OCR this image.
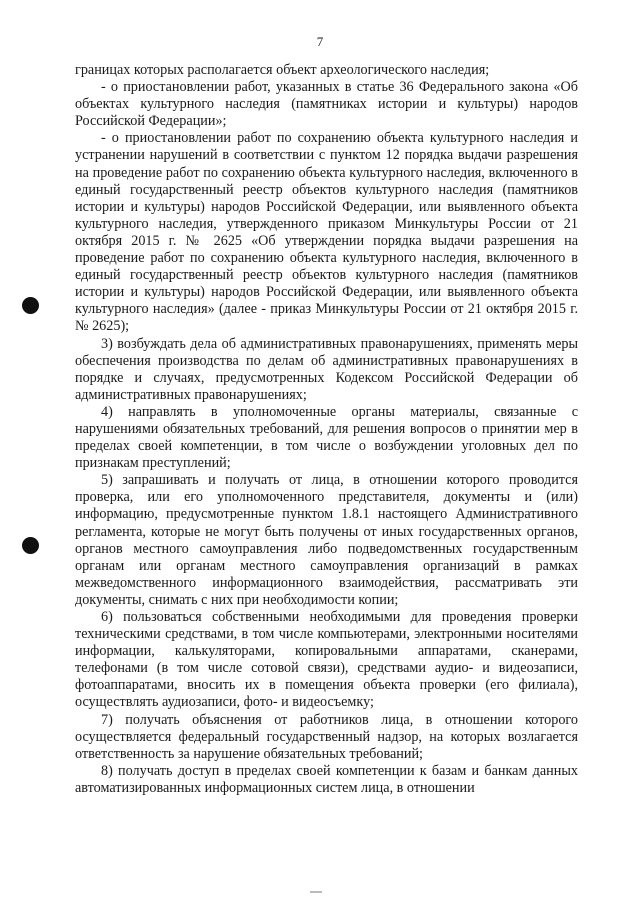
7

границах которых располагается объект археологического наследия;

- о приостановлении работ, указанных в статье 36 Федерального закона «Об объектах культурного наследия (памятниках истории и культуры) народов Российской Федерации»;

- о приостановлении работ по сохранению объекта культурного наследия и устранении нарушений в соответствии с пунктом 12 порядка выдачи разрешения на проведение работ по сохранению объекта культурного наследия, включенного в единый государственный реестр объектов культурного наследия (памятников истории и культуры) народов Российской Федерации, или выявленного объекта культурного наследия, утвержденного приказом Минкультуры России от 21 октября 2015 г. № 2625 «Об утверждении порядка выдачи разрешения на проведение работ по сохранению объекта культурного наследия, включенного в единый государственный реестр объектов культурного наследия (памятников истории и культуры) народов Российской Федерации, или выявленного объекта культурного наследия» (далее - приказ Минкультуры России от 21 октября 2015 г. № 2625);

3) возбуждать дела об административных правонарушениях, применять меры обеспечения производства по делам об административных правонарушениях в порядке и случаях, предусмотренных Кодексом Российской Федерации об административных правонарушениях;

4) направлять в уполномоченные органы материалы, связанные с нарушениями обязательных требований, для решения вопросов о принятии мер в пределах своей компетенции, в том числе о возбуждении уголовных дел по признакам преступлений;

5) запрашивать и получать от лица, в отношении которого проводится проверка, или его уполномоченного представителя, документы и (или) информацию, предусмотренные пунктом 1.8.1 настоящего Административного регламента, которые не могут быть получены от иных государственных органов, органов местного самоуправления либо подведомственных государственным органам или органам местного самоуправления организаций в рамках межведомственного информационного взаимодействия, рассматривать эти документы, снимать с них при необходимости копии;

6) пользоваться собственными необходимыми для проведения проверки техническими средствами, в том числе компьютерами, электронными носителями информации, калькуляторами, копировальными аппаратами, сканерами, телефонами (в том числе сотовой связи), средствами аудио- и видеозаписи, фотоаппаратами, вносить их в помещения объекта проверки (его филиала), осуществлять аудиозаписи, фото- и видеосъемку;

7) получать объяснения от работников лица, в отношении которого осуществляется федеральный государственный надзор, на которых возлагается ответственность за нарушение обязательных требований;

8) получать доступ в пределах своей компетенции к базам и банкам данных автоматизированных информационных систем лица, в отношении
